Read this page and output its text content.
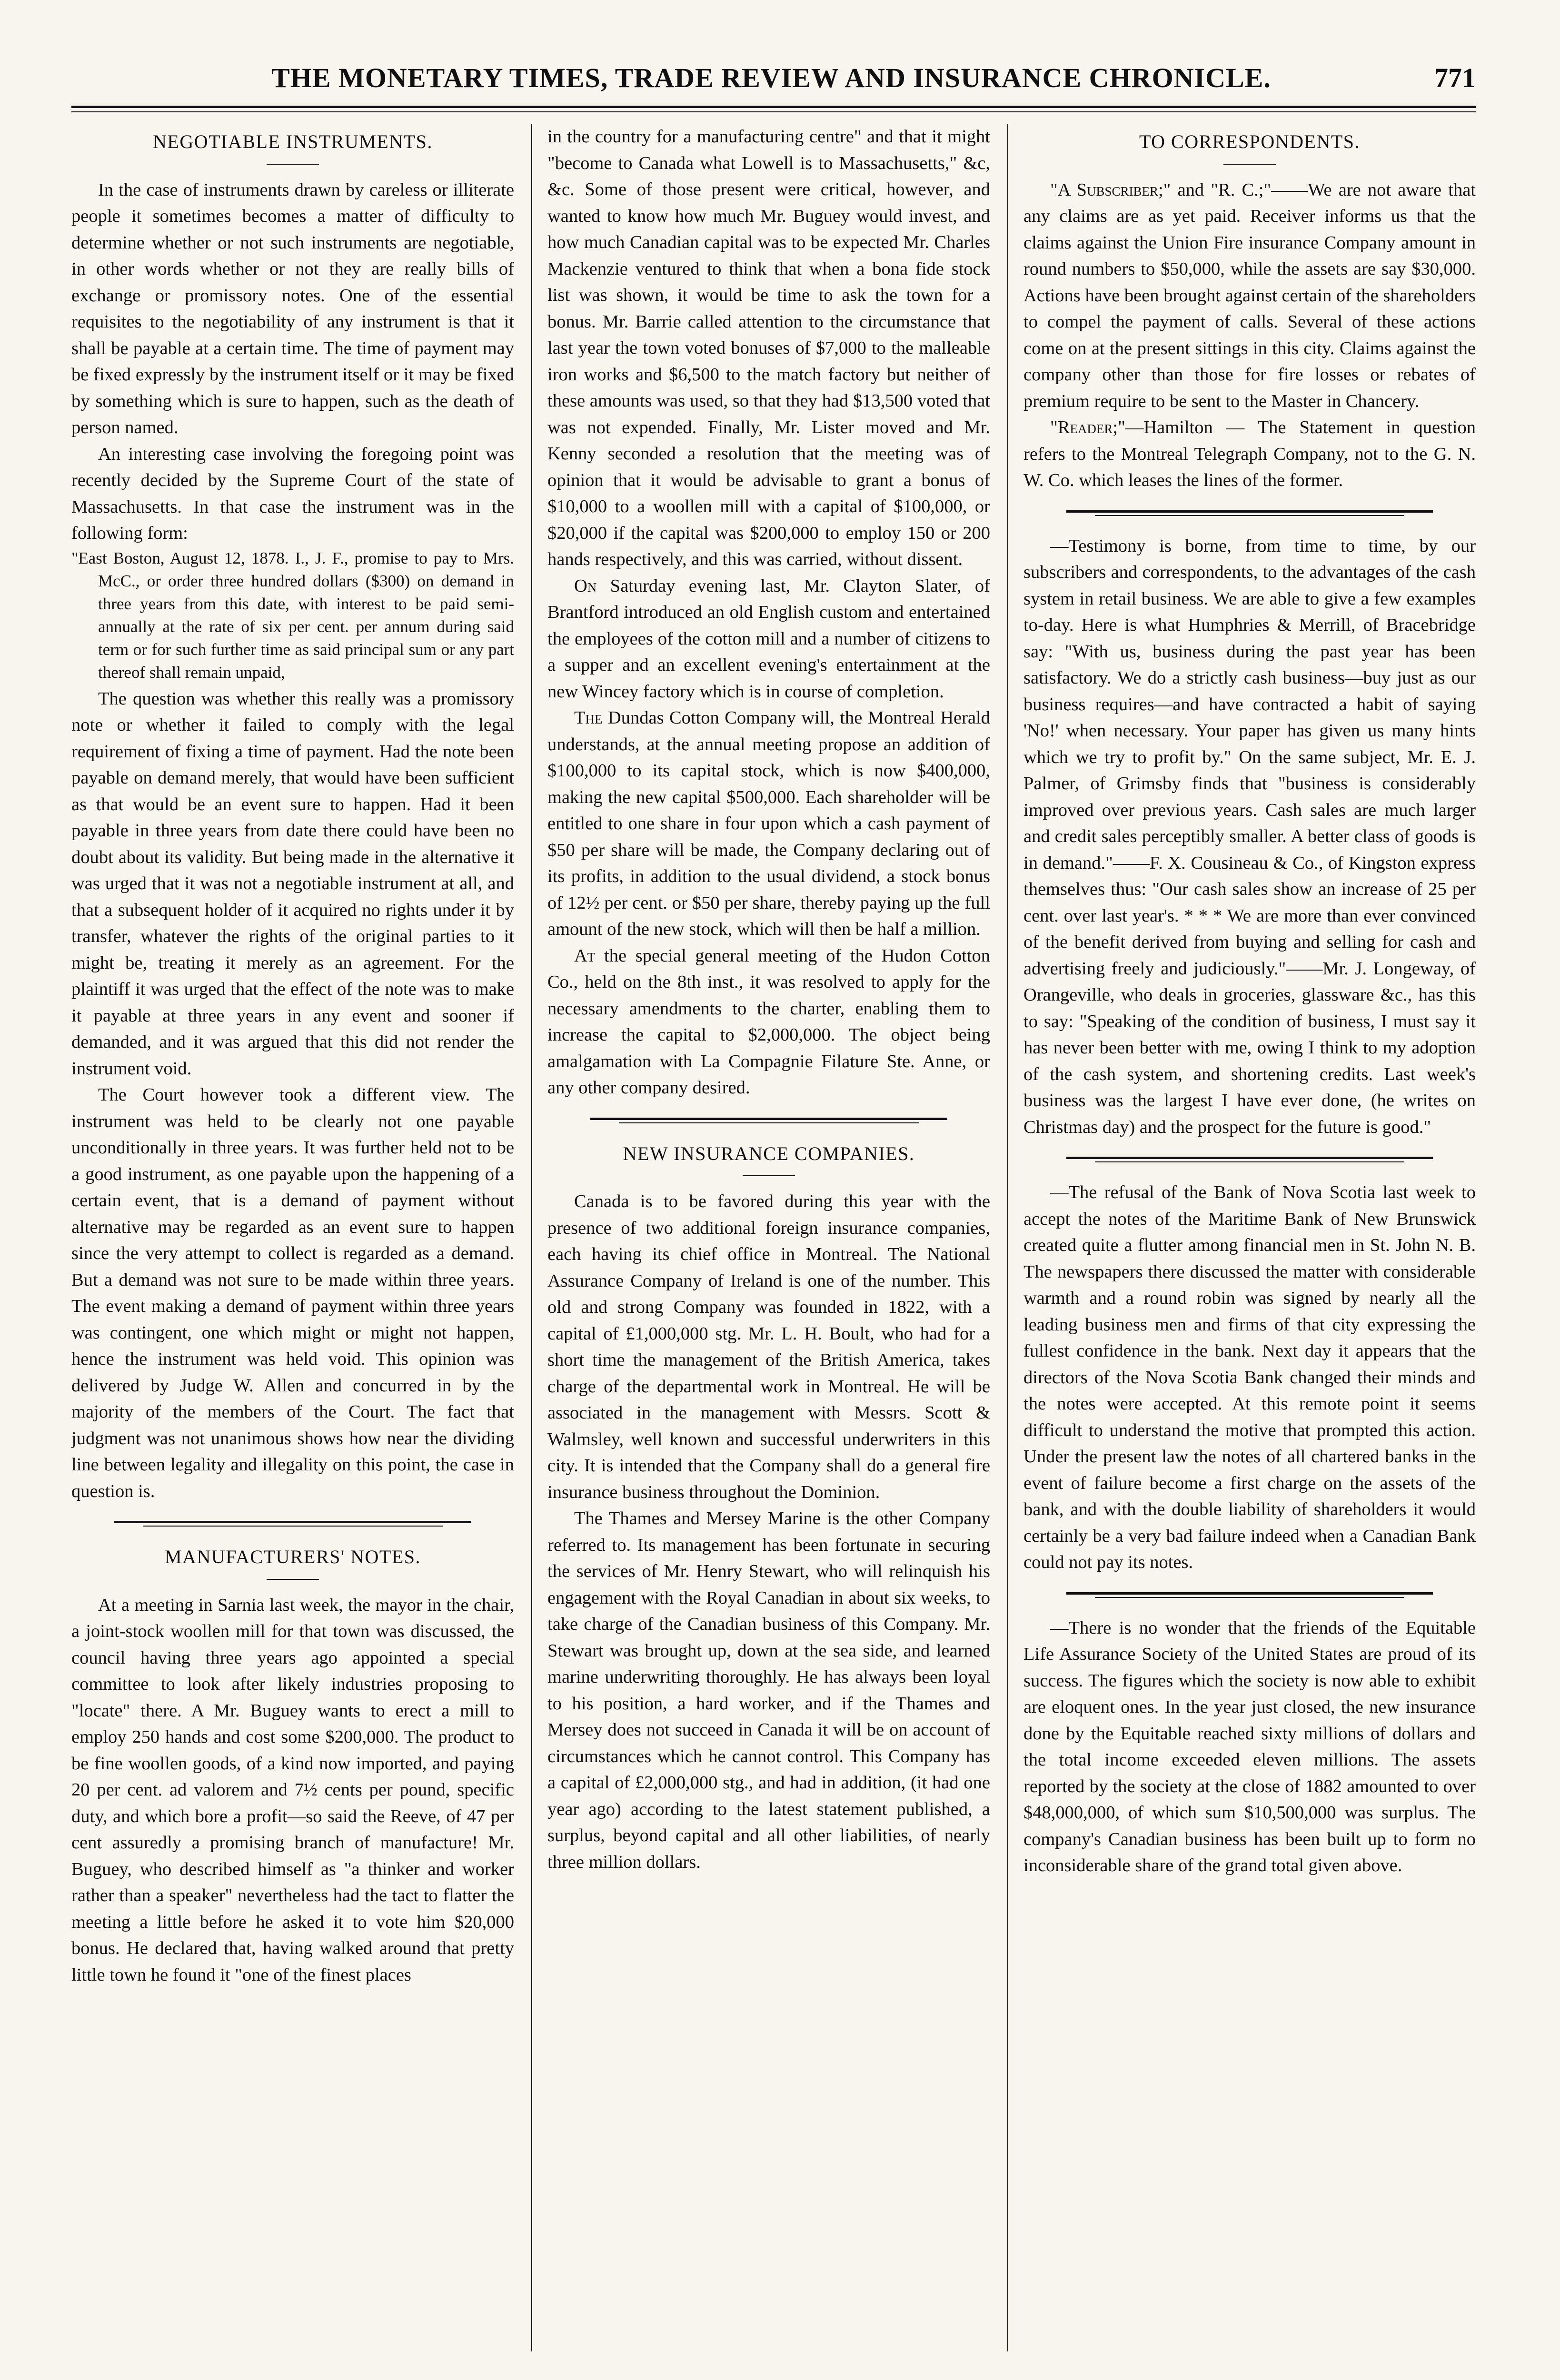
THE MONETARY TIMES, TRADE REVIEW AND INSURANCE CHRONICLE.	771
NEGOTIABLE INSTRUMENTS.

In the case of instruments drawn by careless or illiterate people it sometimes becomes a matter of difficulty to determine whether or not such instruments are negotiable, in other words whether or not they are really bills of exchange or promissory notes. One of the essential requisites to the negotiability of any instrument is that it shall be payable at a certain time. The time of payment may be fixed expressly by the instrument itself or it may be fixed by something which is sure to happen, such as the death of person named.

An interesting case involving the foregoing point was recently decided by the Supreme Court of the state of Massachusetts. In that case the instrument was in the following form:

"East Boston, August 12, 1878. I., J. F., promise to pay to Mrs. McC., or order three hundred dollars ($300) on demand in three years from this date, with interest to be paid semi-annually at the rate of six per cent. per annum during said term or for such further time as said principal sum or any part thereof shall remain unpaid,

The question was whether this really was a promissory note or whether it failed to comply with the legal requirement of fixing a time of payment. Had the note been payable on demand merely, that would have been sufficient as that would be an event sure to happen. Had it been payable in three years from date there could have been no doubt about its validity. But being made in the alternative it was urged that it was not a negotiable instrument at all, and that a subsequent holder of it acquired no rights under it by transfer, whatever the rights of the original parties to it might be, treating it merely as an agreement. For the plaintiff it was urged that the effect of the note was to make it payable at three years in any event and sooner if demanded, and it was argued that this did not render the instrument void.

The Court however took a different view. The instrument was held to be clearly not one payable unconditionally in three years. It was further held not to be a good instrument, as one payable upon the happening of a certain event, that is a demand of payment without alternative may be regarded as an event sure to happen since the very attempt to collect is regarded as a demand. But a demand was not sure to be made within three years. The event making a demand of payment within three years was contingent, one which might or might not happen, hence the instrument was held void. This opinion was delivered by Judge W. Allen and concurred in by the majority of the members of the Court. The fact that judgment was not unanimous shows how near the dividing line between legality and illegality on this point, the case in question is.

MANUFACTURERS' NOTES.

At a meeting in Sarnia last week, the mayor in the chair, a joint-stock woollen mill for that town was discussed, the council having three years ago appointed a special committee to look after likely industries proposing to "locate" there. A Mr. Buguey wants to erect a mill to employ 250 hands and cost some $200,000. The product to be fine woollen goods, of a kind now imported, and paying 20 per cent. ad valorem and 7½ cents per pound, specific duty, and which bore a profit—so said the Reeve, of 47 per cent assuredly a promising branch of manufacture! Mr. Buguey, who described himself as "a thinker and worker rather than a speaker" nevertheless had the tact to flatter the meeting a little before he asked it to vote him $20,000 bonus. He declared that, having walked around that pretty little town he found it "one of the finest places

in the country for a manufacturing centre" and that it might "become to Canada what Lowell is to Massachusetts," &c, &c. Some of those present were critical, however, and wanted to know how much Mr. Buguey would invest, and how much Canadian capital was to be expected Mr. Charles Mackenzie ventured to think that when a bona fide stock list was shown, it would be time to ask the town for a bonus. Mr. Barrie called attention to the circumstance that last year the town voted bonuses of $7,000 to the malleable iron works and $6,500 to the match factory but neither of these amounts was used, so that they had $13,500 voted that was not expended. Finally, Mr. Lister moved and Mr. Kenny seconded a resolution that the meeting was of opinion that it would be advisable to grant a bonus of $10,000 to a woollen mill with a capital of $100,000, or $20,000 if the capital was $200,000 to employ 150 or 200 hands respectively, and this was carried, without dissent.

On Saturday evening last, Mr. Clayton Slater, of Brantford introduced an old English custom and entertained the employees of the cotton mill and a number of citizens to a supper and an excellent evening's entertainment at the new Wincey factory which is in course of completion.

The Dundas Cotton Company will, the Montreal Herald understands, at the annual meeting propose an addition of $100,000 to its capital stock, which is now $400,000, making the new capital $500,000. Each shareholder will be entitled to one share in four upon which a cash payment of $50 per share will be made, the Company declaring out of its profits, in addition to the usual dividend, a stock bonus of 12½ per cent. or $50 per share, thereby paying up the full amount of the new stock, which will then be half a million.

At the special general meeting of the Hudon Cotton Co., held on the 8th inst., it was resolved to apply for the necessary amendments to the charter, enabling them to increase the capital to $2,000,000. The object being amalgamation with La Compagnie Filature Ste. Anne, or any other company desired.

NEW INSURANCE COMPANIES.

Canada is to be favored during this year with the presence of two additional foreign insurance companies, each having its chief office in Montreal. The National Assurance Company of Ireland is one of the number. This old and strong Company was founded in 1822, with a capital of £1,000,000 stg. Mr. L. H. Boult, who had for a short time the management of the British America, takes charge of the departmental work in Montreal. He will be associated in the management with Messrs. Scott & Walmsley, well known and successful underwriters in this city. It is intended that the Company shall do a general fire insurance business throughout the Dominion.

The Thames and Mersey Marine is the other Company referred to. Its management has been fortunate in securing the services of Mr. Henry Stewart, who will relinquish his engagement with the Royal Canadian in about six weeks, to take charge of the Canadian business of this Company. Mr. Stewart was brought up, down at the sea side, and learned marine underwriting thoroughly. He has always been loyal to his position, a hard worker, and if the Thames and Mersey does not succeed in Canada it will be on account of circumstances which he cannot control. This Company has a capital of £2,000,000 stg., and had in addition, (it had one year ago) according to the latest statement published, a surplus, beyond capital and all other liabilities, of nearly three million dollars.

TO CORRESPONDENTS.

"A Subscriber;" and "R. C.;"——We are not aware that any claims are as yet paid. Receiver informs us that the claims against the Union Fire insurance Company amount in round numbers to $50,000, while the assets are say $30,000. Actions have been brought against certain of the shareholders to compel the payment of calls. Several of these actions come on at the present sittings in this city. Claims against the company other than those for fire losses or rebates of premium require to be sent to the Master in Chancery.

"Reader;"—Hamilton — The Statement in question refers to the Montreal Telegraph Company, not to the G. N. W. Co. which leases the lines of the former.

—Testimony is borne, from time to time, by our subscribers and correspondents, to the advantages of the cash system in retail business. We are able to give a few examples to-day. Here is what Humphries & Merrill, of Bracebridge say: "With us, business during the past year has been satisfactory. We do a strictly cash business—buy just as our business requires—and have contracted a habit of saying 'No!' when necessary. Your paper has given us many hints which we try to profit by." On the same subject, Mr. E. J. Palmer, of Grimsby finds that "business is considerably improved over previous years. Cash sales are much larger and credit sales perceptibly smaller. A better class of goods is in demand."——F. X. Cousineau & Co., of Kingston express themselves thus: "Our cash sales show an increase of 25 per cent. over last year's. * * * We are more than ever convinced of the benefit derived from buying and selling for cash and advertising freely and judiciously."——Mr. J. Longeway, of Orangeville, who deals in groceries, glassware &c., has this to say: "Speaking of the condition of business, I must say it has never been better with me, owing I think to my adoption of the cash system, and shortening credits. Last week's business was the largest I have ever done, (he writes on Christmas day) and the prospect for the future is good."

—The refusal of the Bank of Nova Scotia last week to accept the notes of the Maritime Bank of New Brunswick created quite a flutter among financial men in St. John N. B. The newspapers there discussed the matter with considerable warmth and a round robin was signed by nearly all the leading business men and firms of that city expressing the fullest confidence in the bank. Next day it appears that the directors of the Nova Scotia Bank changed their minds and the notes were accepted. At this remote point it seems difficult to understand the motive that prompted this action. Under the present law the notes of all chartered banks in the event of failure become a first charge on the assets of the bank, and with the double liability of shareholders it would certainly be a very bad failure indeed when a Canadian Bank could not pay its notes.

—There is no wonder that the friends of the Equitable Life Assurance Society of the United States are proud of its success. The figures which the society is now able to exhibit are eloquent ones. In the year just closed, the new insurance done by the Equitable reached sixty millions of dollars and the total income exceeded eleven millions. The assets reported by the society at the close of 1882 amounted to over $48,000,000, of which sum $10,500,000 was surplus. The company's Canadian business has been built up to form no inconsiderable share of the grand total given above.
